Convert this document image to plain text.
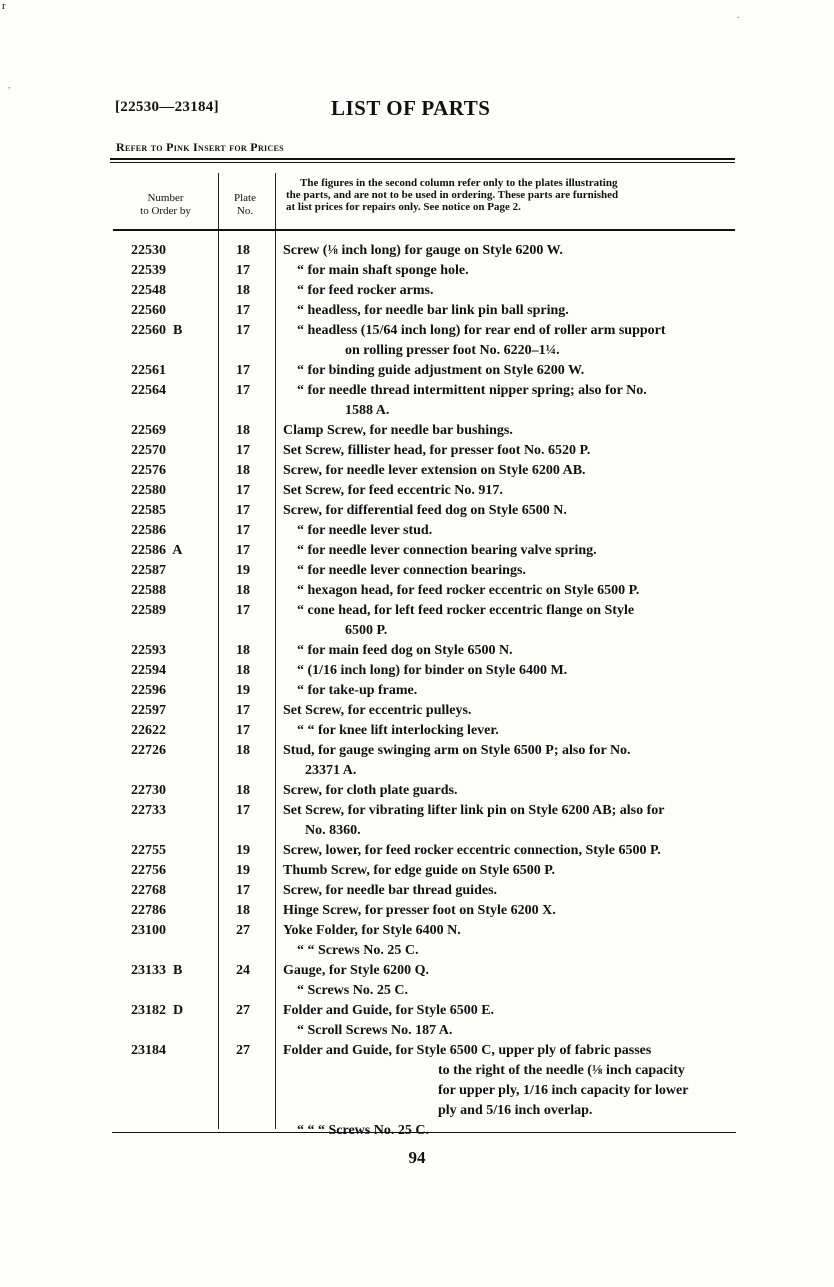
r
.
,
[22530—23184]	LIST OF PARTS
Refer to Pink Insert for Prices
Number
to Order by
Plate
No.
The figures in the second column refer only to the plates illustrating
the parts, and are not to be used in ordering. These parts are furnished
at list prices for repairs only. See notice on Page 2.
22530	18 Screw (⅛ inch long) for gauge on Style 6200 W.
22539	17	“ for main shaft sponge hole.
22548	18	“ for feed rocker arms.
22560	17	“ headless, for needle bar link pin ball spring.
22560  B	17	“ headless (15/64 inch long) for rear end of roller arm support
on rolling presser foot No. 6220–1¼.
22561	17	“ for binding guide adjustment on Style 6200 W.
22564	17	“ for needle thread intermittent nipper spring; also for No.
1588 A.
22569	18 Clamp Screw, for needle bar bushings.
22570	17 Set Screw, fillister head, for presser foot No. 6520 P.
22576	18 Screw, for needle lever extension on Style 6200 AB.
22580	17 Set Screw, for feed eccentric No. 917.
22585	17 Screw, for differential feed dog on Style 6500 N.
22586	17	“ for needle lever stud.
22586  A	17	“ for needle lever connection bearing valve spring.
22587	19	“ for needle lever connection bearings.
22588	18	“ hexagon head, for feed rocker eccentric on Style 6500 P.
22589	17	“ cone head, for left feed rocker eccentric flange on Style
6500 P.
22593	18	“ for main feed dog on Style 6500 N.
22594	18	“ (1/16 inch long) for binder on Style 6400 M.
22596	19	“ for take-up frame.
22597	17 Set Screw, for eccentric pulleys.
22622	17	“ “ for knee lift interlocking lever.
22726	18 Stud, for gauge swinging arm on Style 6500 P; also for No.
23371 A.
22730	18 Screw, for cloth plate guards.
22733	17 Set Screw, for vibrating lifter link pin on Style 6200 AB; also for
No. 8360.
22755	19 Screw, lower, for feed rocker eccentric connection, Style 6500 P.
22756	19 Thumb Screw, for edge guide on Style 6500 P.
22768	17 Screw, for needle bar thread guides.
22786	18 Hinge Screw, for presser foot on Style 6200 X.
23100	27 Yoke Folder, for Style 6400 N.
“ “ Screws No. 25 C.
23133  B	24 Gauge, for Style 6200 Q.
“ Screws No. 25 C.
23182  D	27 Folder and Guide, for Style 6500 E.
“ Scroll Screws No. 187 A.
23184	27 Folder and Guide, for Style 6500 C, upper ply of fabric passes
to the right of the needle (⅛ inch capacity
for upper ply, 1/16 inch capacity for lower
ply and 5/16 inch overlap.
“ “ “ Screws No. 25 C.
94
